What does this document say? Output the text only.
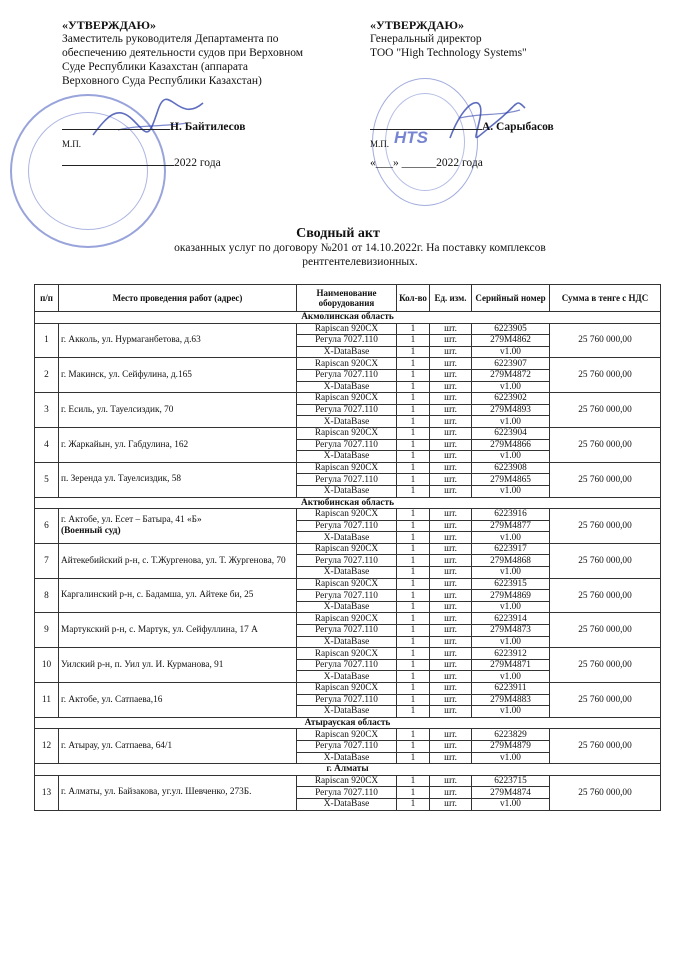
«УТВЕРЖДАЮ»
Заместитель руководителя Департамента по
обеспечению деятельности судов при Верховном
Суде Республики Казахстан (аппарата
Верховного Суда Республики Казахстан)
Н. Байтилесов
М.П.
2022 года
«УТВЕРЖДАЮ»
Генеральный директор
ТОО "High Technology Systems"
HTS
А. Сарыбасов
М.П.
«___» ______2022 года
Сводный акт
оказанных услуг по договору №201 от 14.10.2022г. На поставку комплексов рентгентелевизионных.
п/п	Место проведения работ (адрес)	Наименование оборудования	Кол-во	Ед. изм.	Серийный номер	Сумма в тенге с НДС
Акмолинская область						
1	г. Акколь, ул. Нурмаганбетова, д.63	Rapiscan 920CX	1	шт.	6223905	25 760 000,00
		Регула 7027.110	1	шт.	279M4862	
		X-DataBase	1	шт.	v1.00	
2	г. Макинск, ул. Сейфулина, д.165	Rapiscan 920CX	1	шт.	6223907	25 760 000,00
		Регула 7027.110	1	шт.	279M4872	
		X-DataBase	1	шт.	v1.00	
3	г. Есиль, ул. Тауелсиздик, 70	Rapiscan 920CX	1	шт.	6223902	25 760 000,00
		Регула 7027.110	1	шт.	279M4893	
		X-DataBase	1	шт.	v1.00	
4	г. Жаркайын, ул. Габдулина, 162	Rapiscan 920CX	1	шт.	6223904	25 760 000,00
		Регула 7027.110	1	шт.	279M4866	
		X-DataBase	1	шт.	v1.00	
5	п. Зеренда ул. Тауелсиздик, 58	Rapiscan 920CX	1	шт.	6223908	25 760 000,00
		Регула 7027.110	1	шт.	279M4865	
		X-DataBase	1	шт.	v1.00	
Актюбинская область						
6	г. Актобе, ул. Есет – Батыра, 41 «Б»
(Военный суд)	Rapiscan 920CX	1	шт.	6223916	25 760 000,00
		Регула 7027.110	1	шт.	279M4877	
		X-DataBase	1	шт.	v1.00	
7	Айтекебийский р-н, с. Т.Жургенова, ул. Т. Жургенова, 70	Rapiscan 920CX	1	шт.	6223917	25 760 000,00
		Регула 7027.110	1	шт.	279M4868	
		X-DataBase	1	шт.	v1.00	
8	Каргалинский р-н, с. Бадамша, ул. Айтеке би, 25	Rapiscan 920CX	1	шт.	6223915	25 760 000,00
		Регула 7027.110	1	шт.	279M4869	
		X-DataBase	1	шт.	v1.00	
9	Мартукский р-н, с. Мартук, ул. Сейфуллина, 17 А	Rapiscan 920CX	1	шт.	6223914	25 760 000,00
		Регула 7027.110	1	шт.	279M4873	
		X-DataBase	1	шт.	v1.00	
10	Уилский р-н, п. Уил ул. И. Курманова, 91	Rapiscan 920CX	1	шт.	6223912	25 760 000,00
		Регула 7027.110	1	шт.	279M4871	
		X-DataBase	1	шт.	v1.00	
11	г. Актобе, ул. Сатпаева,16	Rapiscan 920CX	1	шт.	6223911	25 760 000,00
		Регула 7027.110	1	шт.	279M4883	
		X-DataBase	1	шт.	v1.00	
Атырауская область						
12	г. Атырау, ул. Сатпаева, 64/1	Rapiscan 920CX	1	шт.	6223829	25 760 000,00
		Регула 7027.110	1	шт.	279M4879	
		X-DataBase	1	шт.	v1.00	
г. Алматы						
13	г. Алматы, ул. Байзакова, уг.ул. Шевченко, 273Б.	Rapiscan 920CX	1	шт.	6223715	25 760 000,00
		Регула 7027.110	1	шт.	279M4874	
		X-DataBase	1	шт.	v1.00	
